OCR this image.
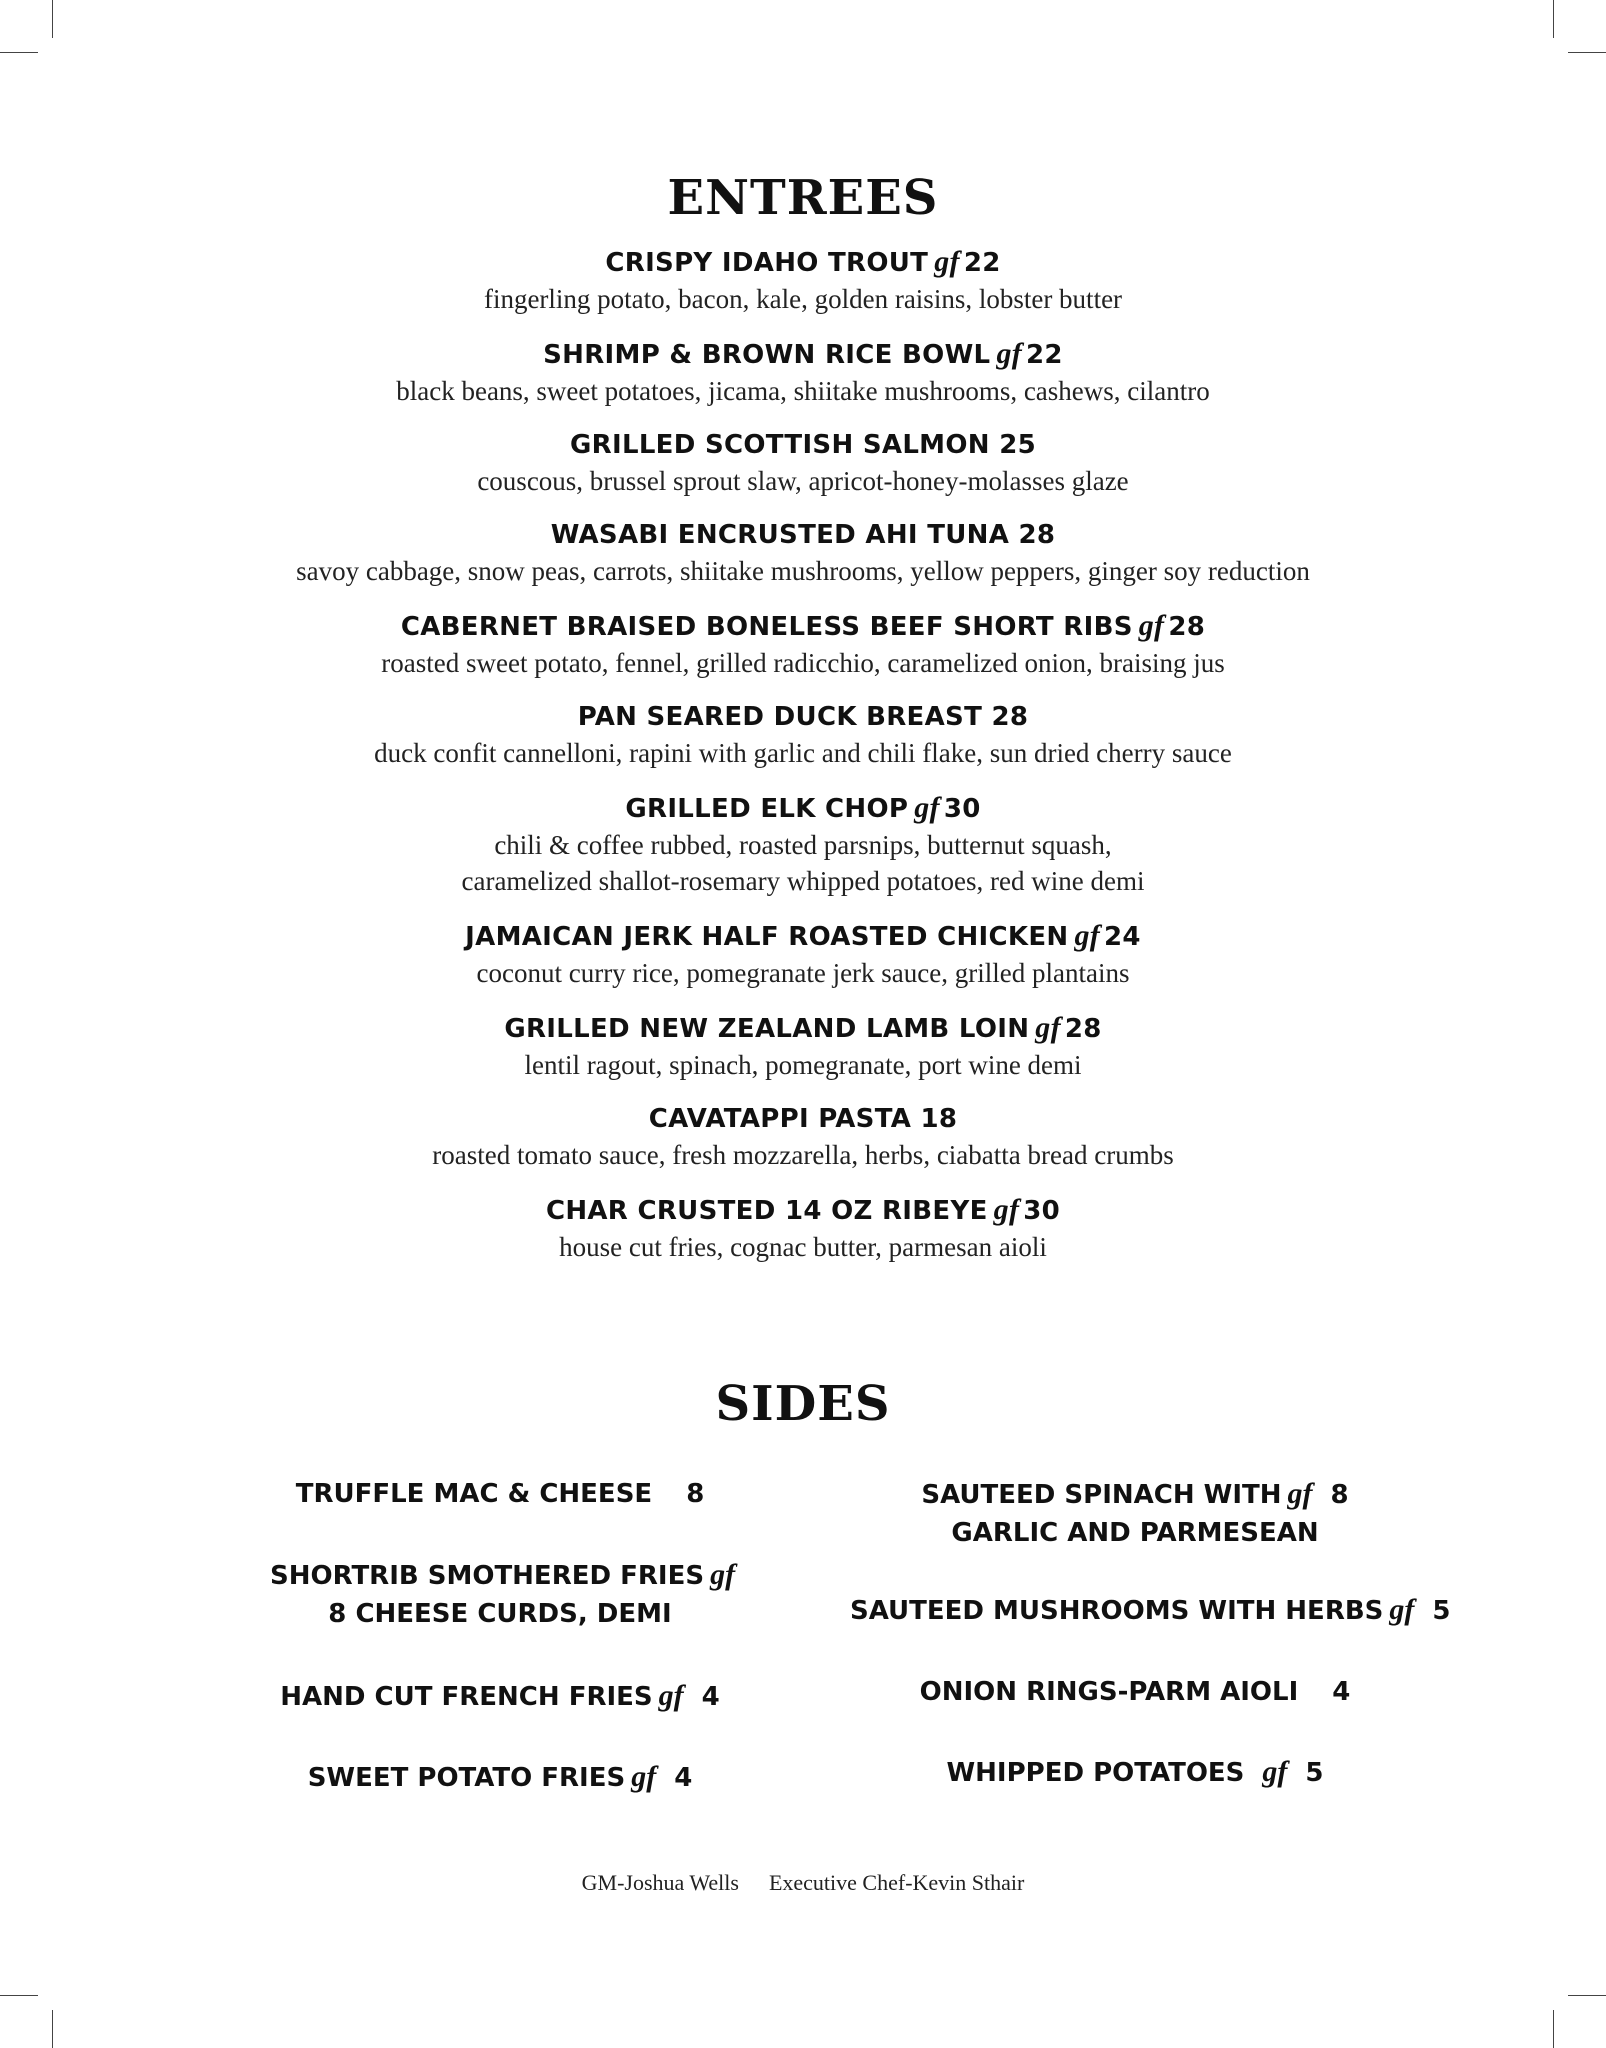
ENTREES
CRISPY IDAHO TROUT gf 22
fingerling potato, bacon, kale, golden raisins, lobster butter
SHRIMP & BROWN RICE BOWL gf 22
black beans, sweet potatoes, jicama, shiitake mushrooms, cashews, cilantro
GRILLED SCOTTISH SALMON 25
couscous, brussel sprout slaw, apricot-honey-molasses glaze
WASABI ENCRUSTED AHI TUNA 28
savoy cabbage, snow peas, carrots, shiitake mushrooms, yellow peppers, ginger soy reduction
CABERNET BRAISED BONELESS BEEF SHORT RIBS gf 28
roasted sweet potato, fennel, grilled radicchio, caramelized onion, braising jus
PAN SEARED DUCK BREAST 28
duck confit cannelloni, rapini with garlic and chili flake, sun dried cherry sauce
GRILLED ELK CHOP gf 30
chili & coffee rubbed, roasted parsnips, butternut squash,
caramelized shallot-rosemary whipped potatoes, red wine demi
JAMAICAN JERK HALF ROASTED CHICKEN gf 24
coconut curry rice, pomegranate jerk sauce, grilled plantains
GRILLED NEW ZEALAND LAMB LOIN gf 28
lentil ragout, spinach, pomegranate, port wine demi
CAVATAPPI PASTA 18
roasted tomato sauce, fresh mozzarella, herbs, ciabatta bread crumbs
CHAR CRUSTED 14 OZ RIBEYE gf 30
house cut fries, cognac butter, parmesan aioli
SIDES
TRUFFLE MAC & CHEESE 8
SHORTRIB SMOTHERED FRIES gf
8 CHEESE CURDS, DEMI
HAND CUT FRENCH FRIES gf 4
SWEET POTATO FRIES gf 4
SAUTEED SPINACH WITH gf 8
GARLIC AND PARMESEAN
SAUTEED MUSHROOMS WITH HERBS gf 5
ONION RINGS-PARM AIOLI 4
WHIPPED POTATOES gf 5
GM-Joshua Wells Executive Chef-Kevin Sthair
